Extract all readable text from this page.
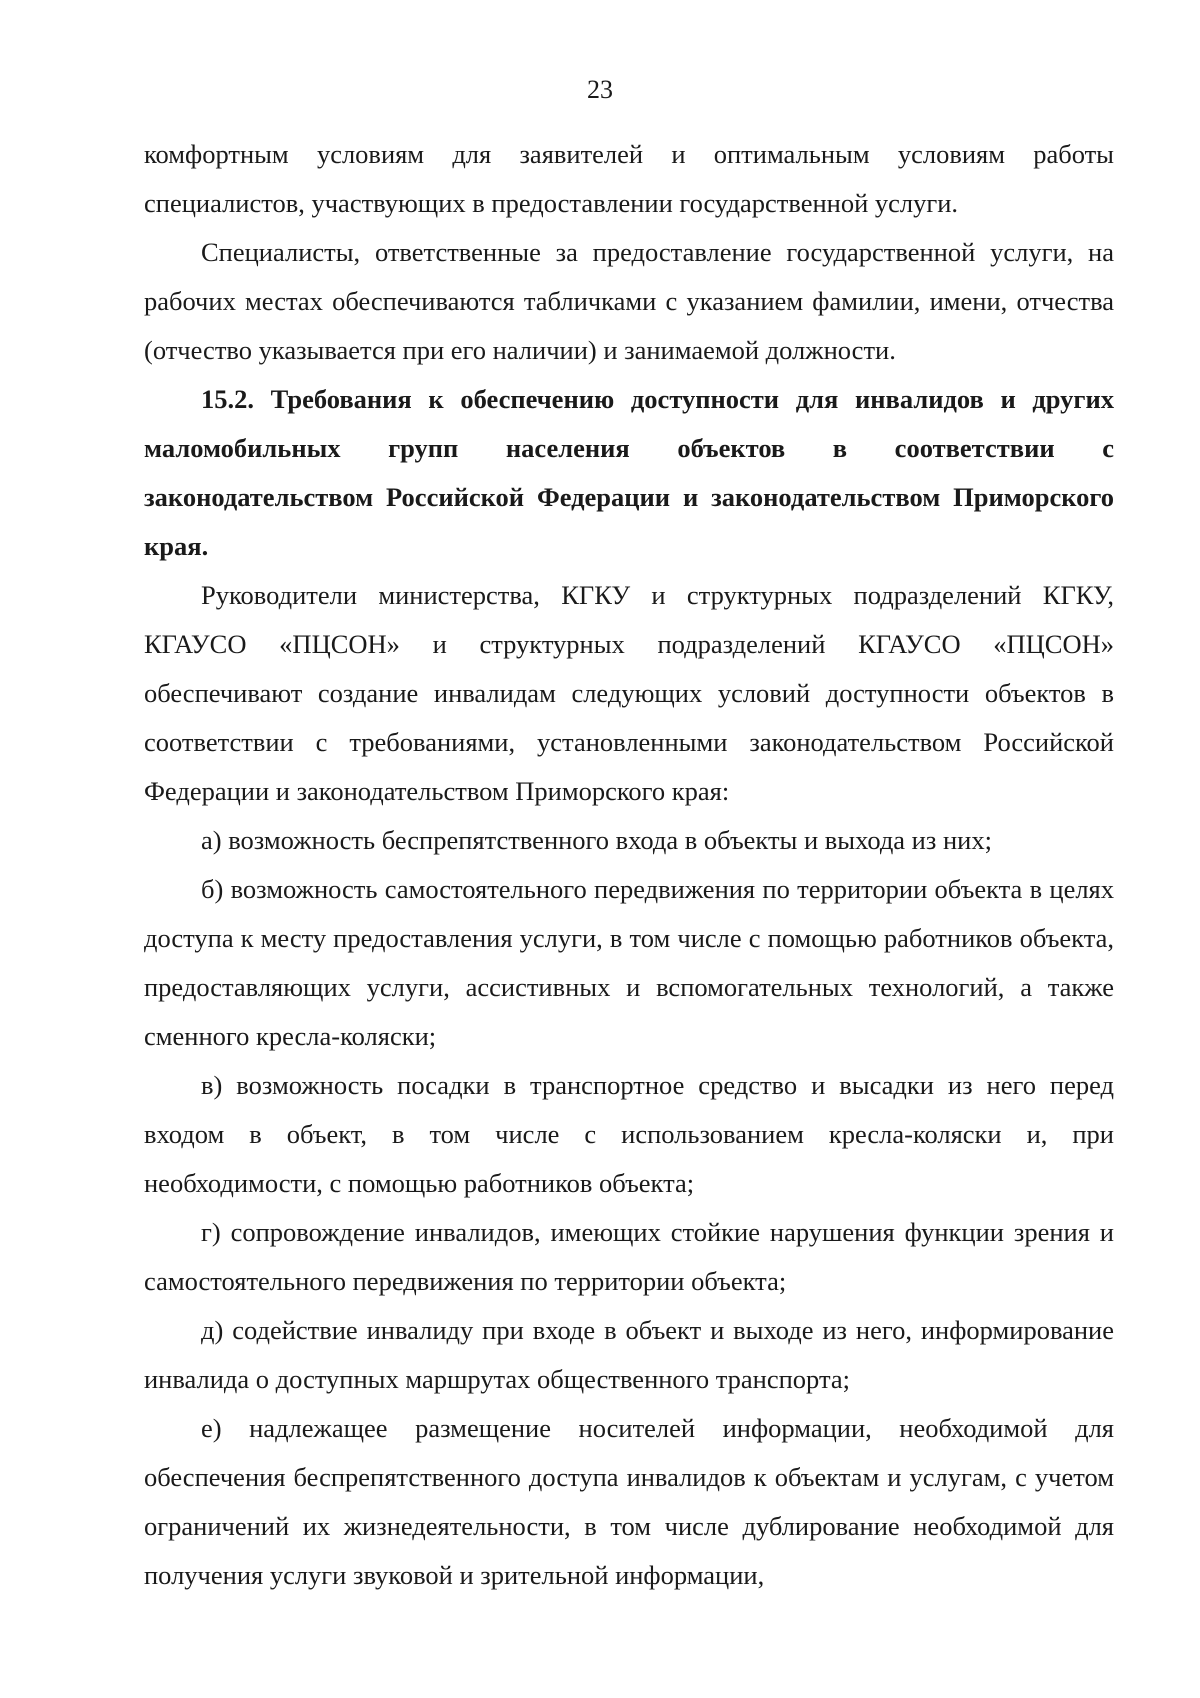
23

комфортным условиям для заявителей и оптимальным условиям работы специалистов, участвующих в предоставлении государственной услуги.

Специалисты, ответственные за предоставление государственной услуги, на рабочих местах обеспечиваются табличками с указанием фамилии, имени, отчества (отчество указывается при его наличии) и занимаемой должности.

15.2. Требования к обеспечению доступности для инвалидов и других маломобильных групп населения объектов в соответствии с законодательством Российской Федерации и законодательством Приморского края.

Руководители министерства, КГКУ и структурных подразделений КГКУ, КГАУСО «ПЦСОН» и структурных подразделений КГАУСО «ПЦСОН» обеспечивают создание инвалидам следующих условий доступности объектов в соответствии с требованиями, установленными законодательством Российской Федерации и законодательством Приморского края:

а) возможность беспрепятственного входа в объекты и выхода из них;

б) возможность самостоятельного передвижения по территории объекта в целях доступа к месту предоставления услуги, в том числе с помощью работников объекта, предоставляющих услуги, ассистивных и вспомогательных технологий, а также сменного кресла-коляски;

в) возможность посадки в транспортное средство и высадки из него перед входом в объект, в том числе с использованием кресла-коляски и, при необходимости, с помощью работников объекта;

г) сопровождение инвалидов, имеющих стойкие нарушения функции зрения и самостоятельного передвижения по территории объекта;

д) содействие инвалиду при входе в объект и выходе из него, информирование инвалида о доступных маршрутах общественного транспорта;

е) надлежащее размещение носителей информации, необходимой для обеспечения беспрепятственного доступа инвалидов к объектам и услугам, с учетом ограничений их жизнедеятельности, в том числе дублирование необходимой для получения услуги звуковой и зрительной информации,
